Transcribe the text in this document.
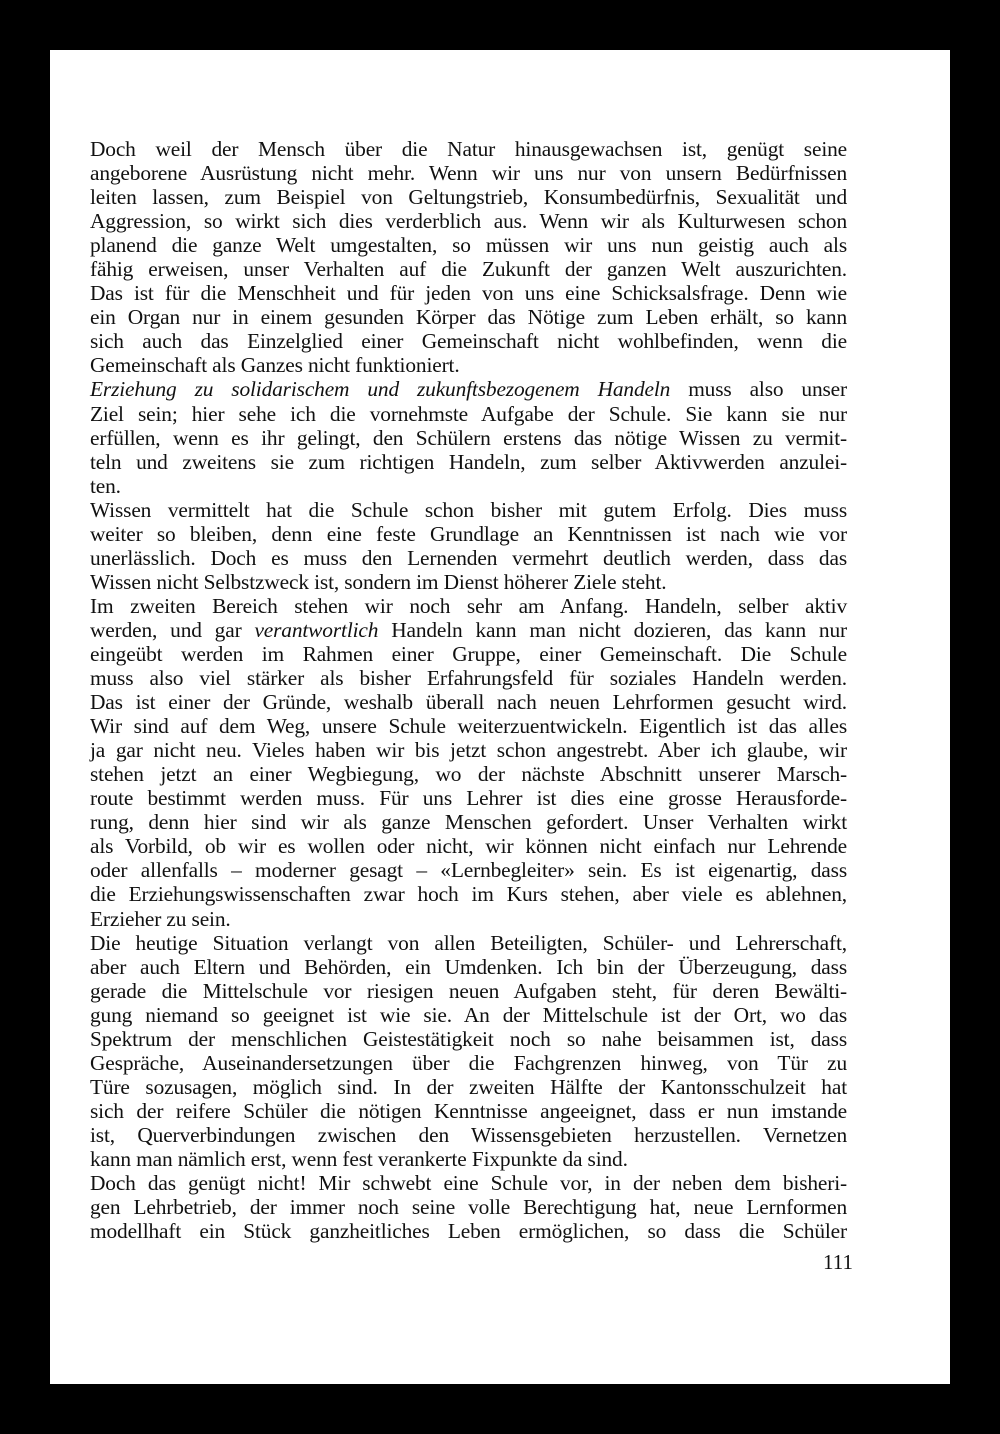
Doch weil der Mensch über die Natur hinausgewachsen ist, genügt seine
angeborene Ausrüstung nicht mehr. Wenn wir uns nur von unsern Bedürfnissen
leiten lassen, zum Beispiel von Geltungstrieb, Konsumbedürfnis, Sexualität und
Aggression, so wirkt sich dies verderblich aus. Wenn wir als Kulturwesen schon
planend die ganze Welt umgestalten, so müssen wir uns nun geistig auch als
fähig erweisen, unser Verhalten auf die Zukunft der ganzen Welt auszurichten.
Das ist für die Menschheit und für jeden von uns eine Schicksalsfrage. Denn wie
ein Organ nur in einem gesunden Körper das Nötige zum Leben erhält, so kann
sich auch das Einzelglied einer Gemeinschaft nicht wohlbefinden, wenn die
Gemeinschaft als Ganzes nicht funktioniert.
Erziehung zu solidarischem und zukunftsbezogenem Handeln muss also unser
Ziel sein; hier sehe ich die vornehmste Aufgabe der Schule. Sie kann sie nur
erfüllen, wenn es ihr gelingt, den Schülern erstens das nötige Wissen zu vermit-
teln und zweitens sie zum richtigen Handeln, zum selber Aktivwerden anzulei-
ten.
Wissen vermittelt hat die Schule schon bisher mit gutem Erfolg. Dies muss
weiter so bleiben, denn eine feste Grundlage an Kenntnissen ist nach wie vor
unerlässlich. Doch es muss den Lernenden vermehrt deutlich werden, dass das
Wissen nicht Selbstzweck ist, sondern im Dienst höherer Ziele steht.
Im zweiten Bereich stehen wir noch sehr am Anfang. Handeln, selber aktiv
werden, und gar verantwortlich Handeln kann man nicht dozieren, das kann nur
eingeübt werden im Rahmen einer Gruppe, einer Gemeinschaft. Die Schule
muss also viel stärker als bisher Erfahrungsfeld für soziales Handeln werden.
Das ist einer der Gründe, weshalb überall nach neuen Lehrformen gesucht wird.
Wir sind auf dem Weg, unsere Schule weiterzuentwickeln. Eigentlich ist das alles
ja gar nicht neu. Vieles haben wir bis jetzt schon angestrebt. Aber ich glaube, wir
stehen jetzt an einer Wegbiegung, wo der nächste Abschnitt unserer Marsch-
route bestimmt werden muss. Für uns Lehrer ist dies eine grosse Herausforde-
rung, denn hier sind wir als ganze Menschen gefordert. Unser Verhalten wirkt
als Vorbild, ob wir es wollen oder nicht, wir können nicht einfach nur Lehrende
oder allenfalls – moderner gesagt – «Lernbegleiter» sein. Es ist eigenartig, dass
die Erziehungswissenschaften zwar hoch im Kurs stehen, aber viele es ablehnen,
Erzieher zu sein.
Die heutige Situation verlangt von allen Beteiligten, Schüler- und Lehrerschaft,
aber auch Eltern und Behörden, ein Umdenken. Ich bin der Überzeugung, dass
gerade die Mittelschule vor riesigen neuen Aufgaben steht, für deren Bewälti-
gung niemand so geeignet ist wie sie. An der Mittelschule ist der Ort, wo das
Spektrum der menschlichen Geistestätigkeit noch so nahe beisammen ist, dass
Gespräche, Auseinandersetzungen über die Fachgrenzen hinweg, von Tür zu
Türe sozusagen, möglich sind. In der zweiten Hälfte der Kantonsschulzeit hat
sich der reifere Schüler die nötigen Kenntnisse angeeignet, dass er nun imstande
ist, Querverbindungen zwischen den Wissensgebieten herzustellen. Vernetzen
kann man nämlich erst, wenn fest verankerte Fixpunkte da sind.
Doch das genügt nicht! Mir schwebt eine Schule vor, in der neben dem bisheri-
gen Lehrbetrieb, der immer noch seine volle Berechtigung hat, neue Lernformen
modellhaft ein Stück ganzheitliches Leben ermöglichen, so dass die Schüler
111
